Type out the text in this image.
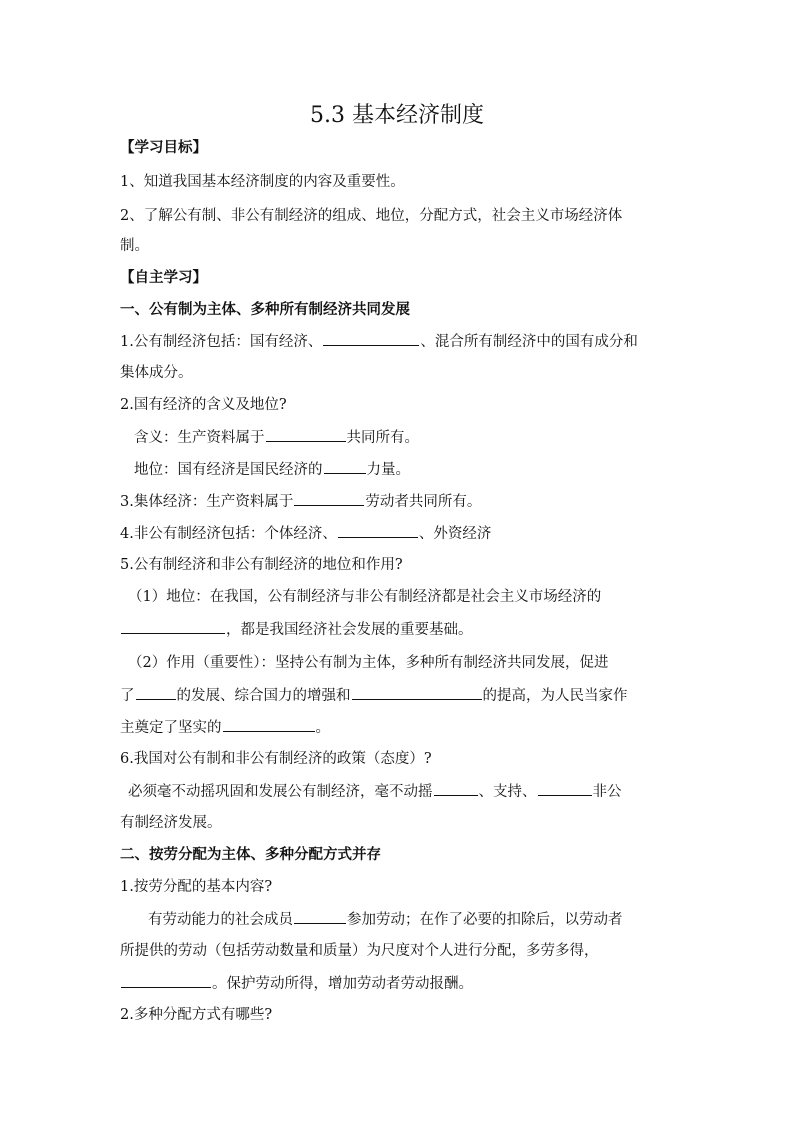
5.3 基本经济制度
【学习目标】
1、知道我国基本经济制度的内容及重要性。
2、了解公有制、非公有制经济的组成、地位，分配方式，社会主义市场经济体
制。
【自主学习】
一、公有制为主体、多种所有制经济共同发展
1.公有制经济包括：国有经济、	、混合所有制经济中的国有成分和
集体成分。
2.国有经济的含义及地位?
含义：生产资料属于	共同所有。
地位：国有经济是国民经济的	力量。
3.集体经济：生产资料属于	劳动者共同所有。
4.非公有制经济包括：个体经济、	、外资经济
5.公有制经济和非公有制经济的地位和作用?
（1）地位：在我国，公有制经济与非公有制经济都是社会主义市场经济的
，都是我国经济社会发展的重要基础。
（2）作用（重要性）：坚持公有制为主体，多种所有制经济共同发展，促进
了	的发展、综合国力的增强和	的提高，为人民当家作
主奠定了坚实的	。
6.我国对公有制和非公有制经济的政策（态度）?
必须毫不动摇巩固和发展公有制经济，毫不动摇	、支持、	非公
有制经济发展。
二、按劳分配为主体、多种分配方式并存
1.按劳分配的基本内容?
有劳动能力的社会成员	参加劳动；在作了必要的扣除后，以劳动者
所提供的劳动（包括劳动数量和质量）为尺度对个人进行分配，多劳多得，
。保护劳动所得，增加劳动者劳动报酬。
2.多种分配方式有哪些?
